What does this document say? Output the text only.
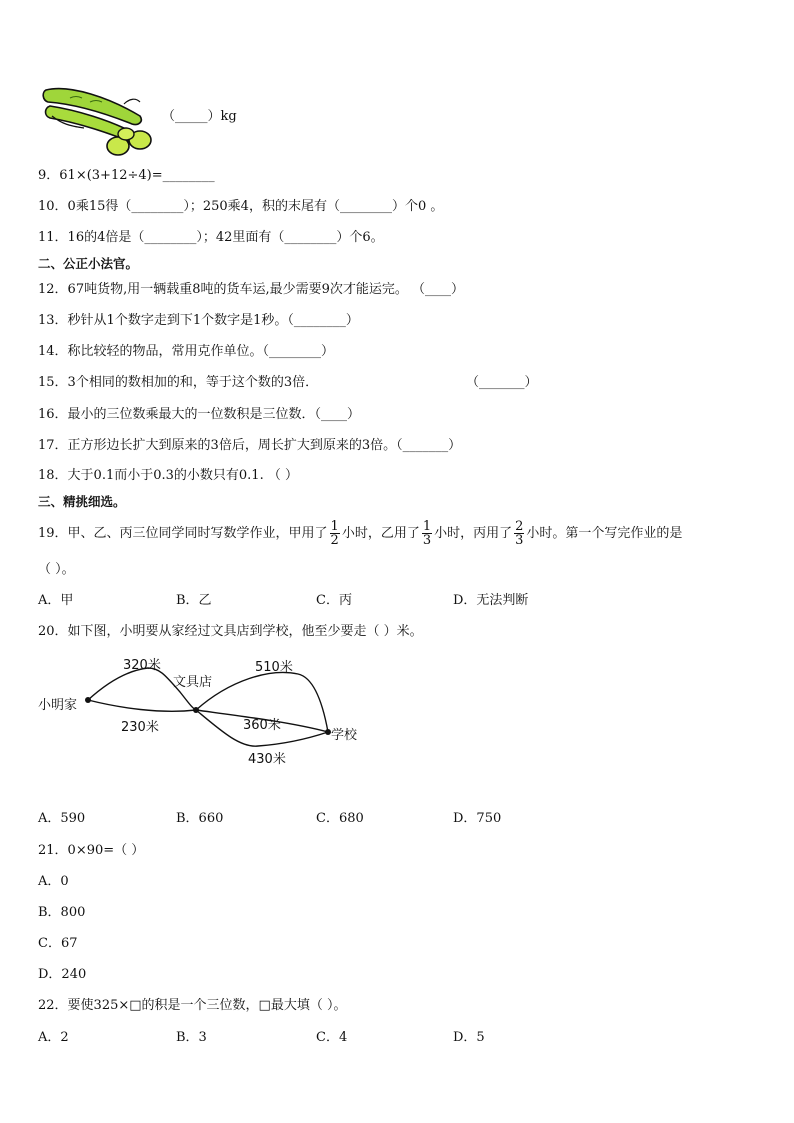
（_____）kg
9．61×(3+12÷4)=________
10．0乘15得（________）；250乘4，积的末尾有（________）个0 。
11．16的4倍是（________）；42里面有（________）个6。
二、公正小法官。
12．67吨货物,用一辆载重8吨的货车运,最少需要9次才能运完。 （____）
13．秒针从1个数字走到下1个数字是1秒。（________）
14．称比较轻的物品，常用克作单位。（________）
15．3个相同的数相加的和，等于这个数的3倍．	（_______）
16．最小的三位数乘最大的一位数积是三位数．（____）
17．正方形边长扩大到原来的3倍后，周长扩大到原来的3倍。（_______）
18．大于0.1而小于0.3的小数只有0.1. （ ）
三、精挑细选。
19．甲、乙、丙三位同学同时写数学作业，甲用了 $\frac{1}{2}$ 小时，乙用了 $\frac{1}{3}$ 小时，丙用了 $\frac{2}{3}$ 小时。第一个写完作业的是
（ ）。
A．甲	B．乙	C．丙	D．无法判断
20．如下图，小明要从家经过文具店到学校，他至少要走（ ）米。
小明家
文具店
学校
320米
230米
510米
360米
430米
A．590	B．660	C．680	D．750
21．0×90=（ ）
A．0
B．800
C．67
D．240
22．要使325×□的积是一个三位数，□最大填（ ）。
A．2	B．3	C．4	D．5
